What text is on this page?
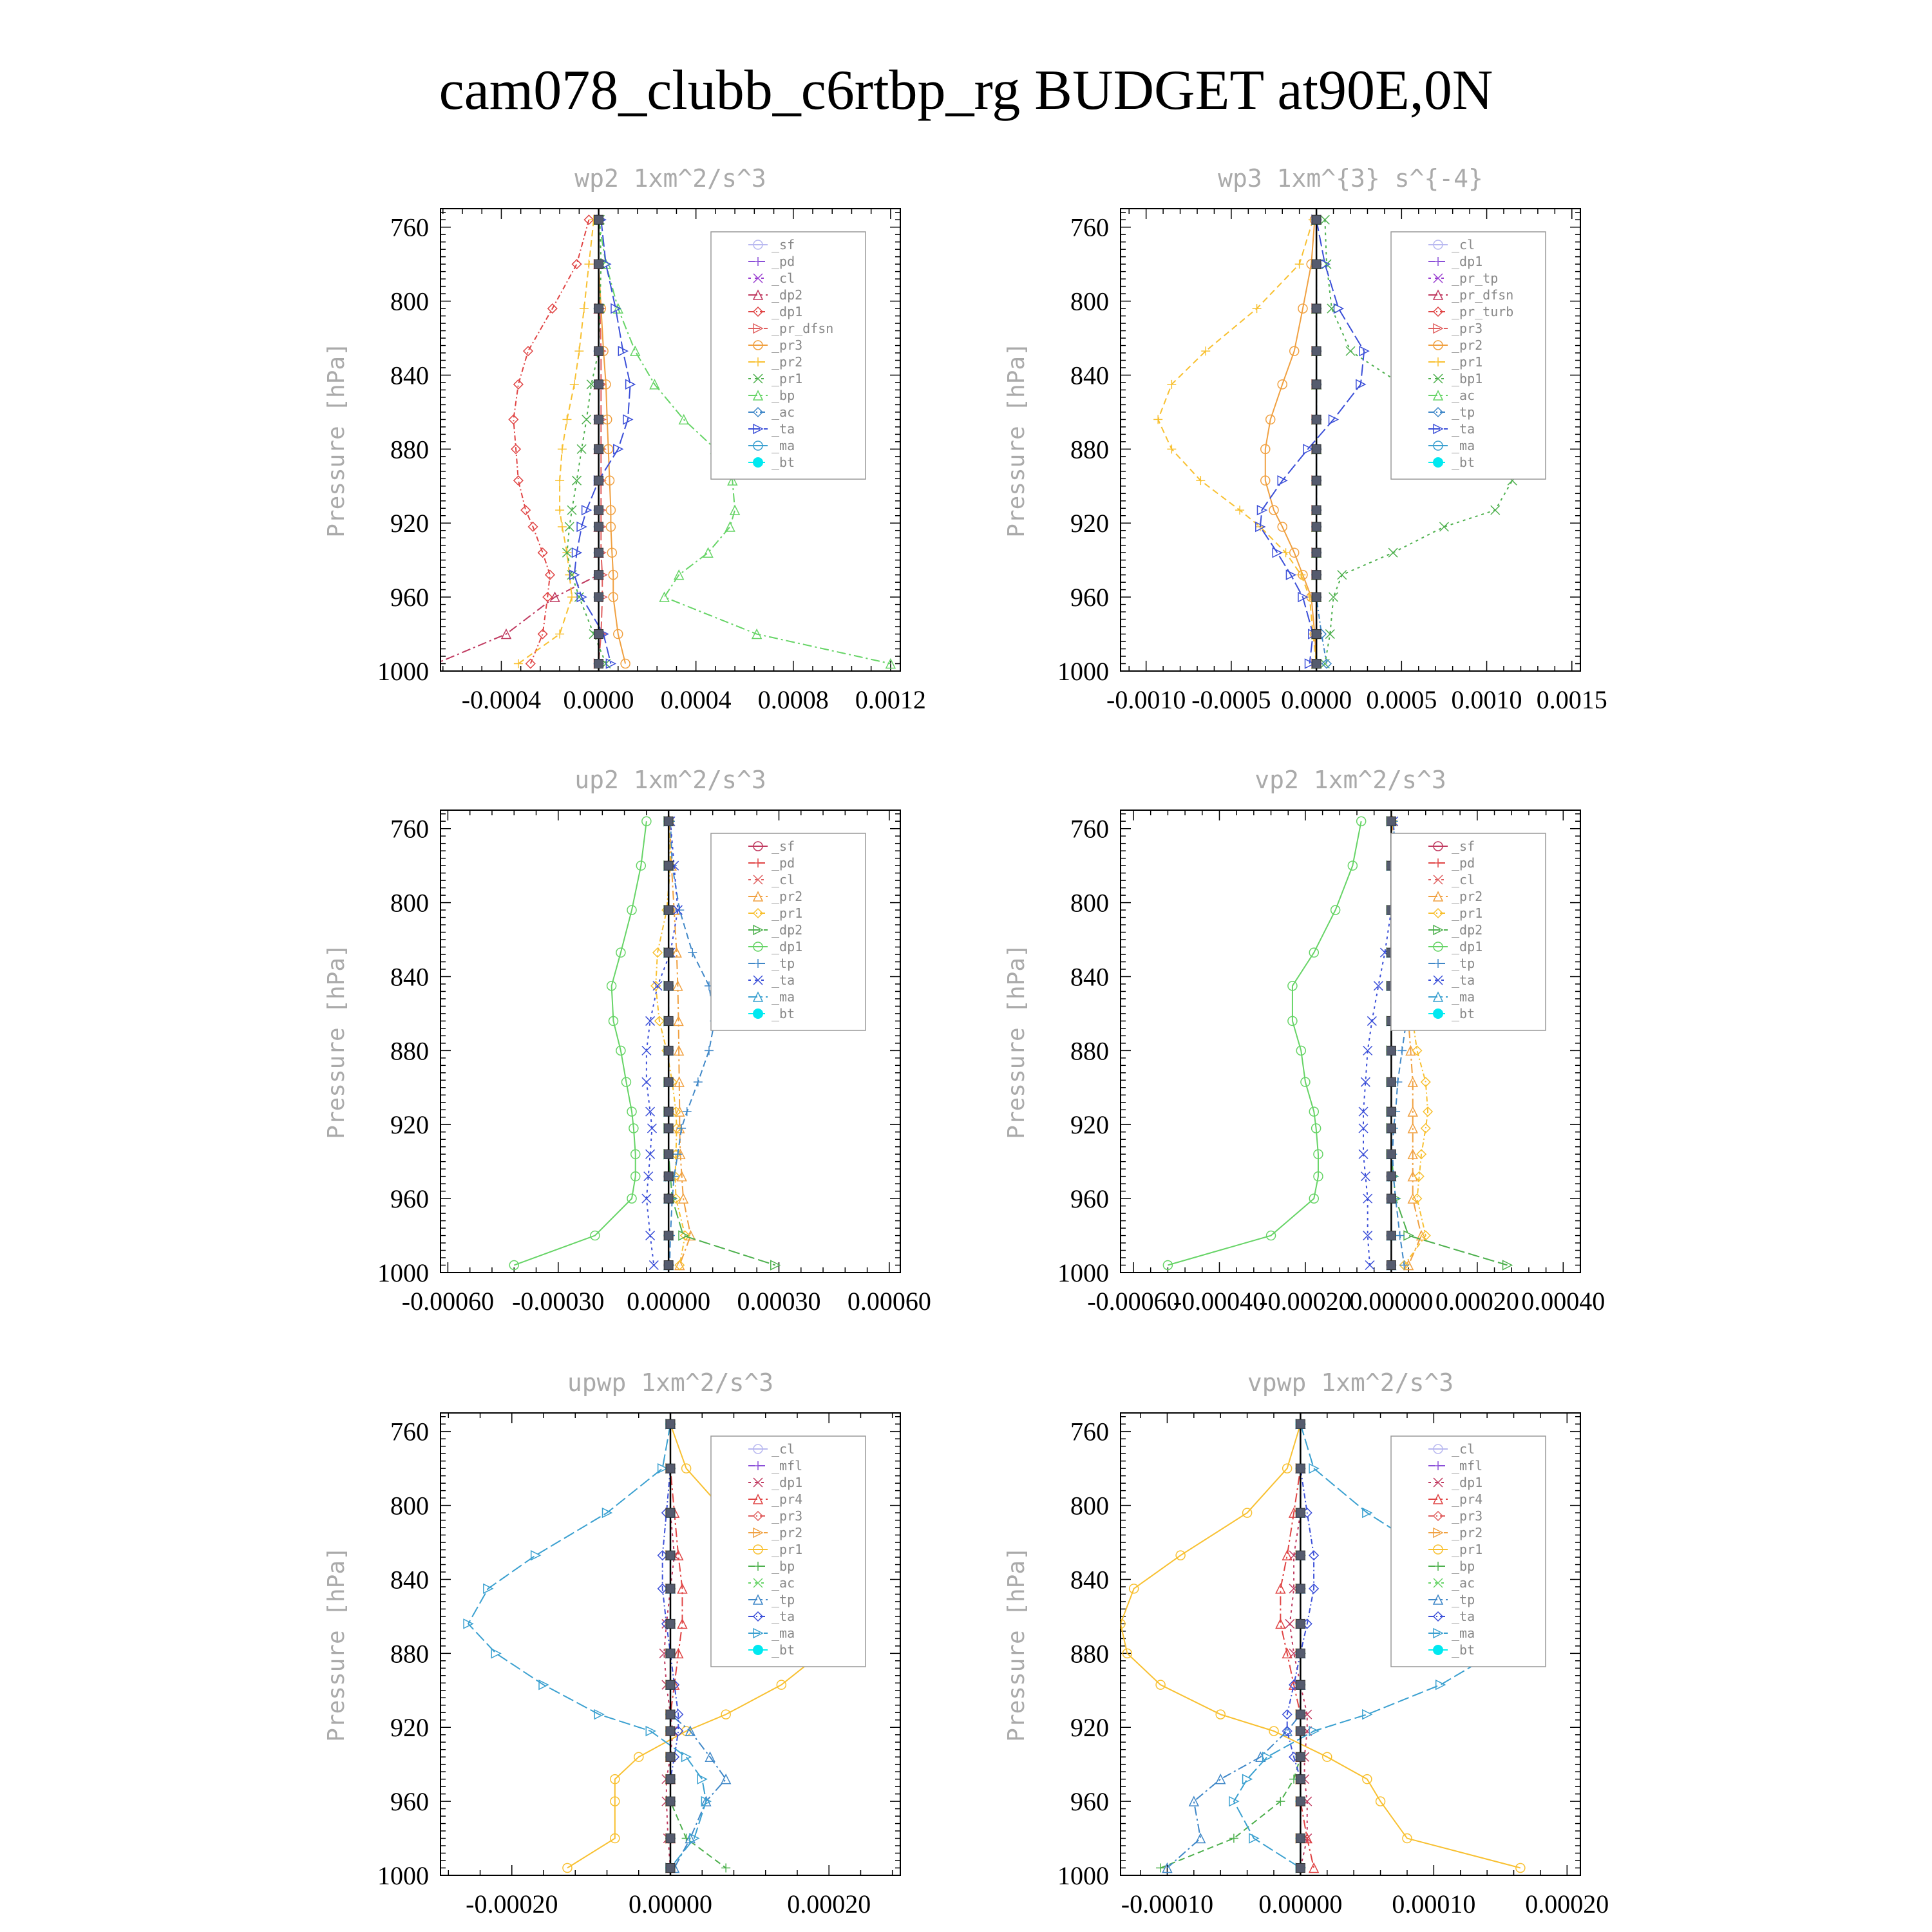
cam078_clubb_c6rtbp_rg BUDGET at90E,0N
760
800
840
880
920
960
1000
-0.0004 0.0000 0.0004 0.0008 0.0012
wp2 1xm^2/s^3
Pressure [hPa]
_sf
_pd
_cl
_dp2
_dp1
_pr_dfsn
_pr3
_pr2
_pr1
_bp
_ac
_ta
_ma
_bt
760
800
840
880
920
960
1000
-0.0010 -0.0005 0.0000 0.0005 0.0010 0.0015
wp3 1xm^{3} s^{-4}
Pressure [hPa]
_cl
_dp1
_pr_tp
_pr_dfsn
_pr_turb
_pr3
_pr2
_pr1
_bp1
_ac
_tp
_ta
_ma
_bt
760
800
840
880
920
960
1000
-0.00060 -0.00030 0.00000 0.00030 0.00060
up2 1xm^2/s^3
Pressure [hPa]
_sf
_pd
_cl
_pr2
_pr1
_dp2
_dp1
_tp
_ta
_ma
_bt
760
800
840
880
920
960
1000
-0.00060
-0.00040
-0.00020
0.00000 0.00020 0.00040
vp2 1xm^2/s^3
Pressure [hPa]
_sf
_pd
_cl
_pr2
_pr1
_dp2
_dp1
_tp
_ta
_ma
_bt
760
800
840
880
920
960
1000
-0.00020	0.00000	0.00020
upwp 1xm^2/s^3
Pressure [hPa]
_cl
_mfl
_dp1
_pr4
_pr3
_pr2
_pr1
_bp
_ac
_tp
_ta
_ma
_bt
760
800
840
880
920
960
1000
-0.00010 0.00000 0.00010 0.00020
vpwp 1xm^2/s^3
Pressure [hPa]
_cl
_mfl
_dp1
_pr4
_pr3
_pr2
_pr1
_bp
_ac
_tp
_ta
_ma
_bt
